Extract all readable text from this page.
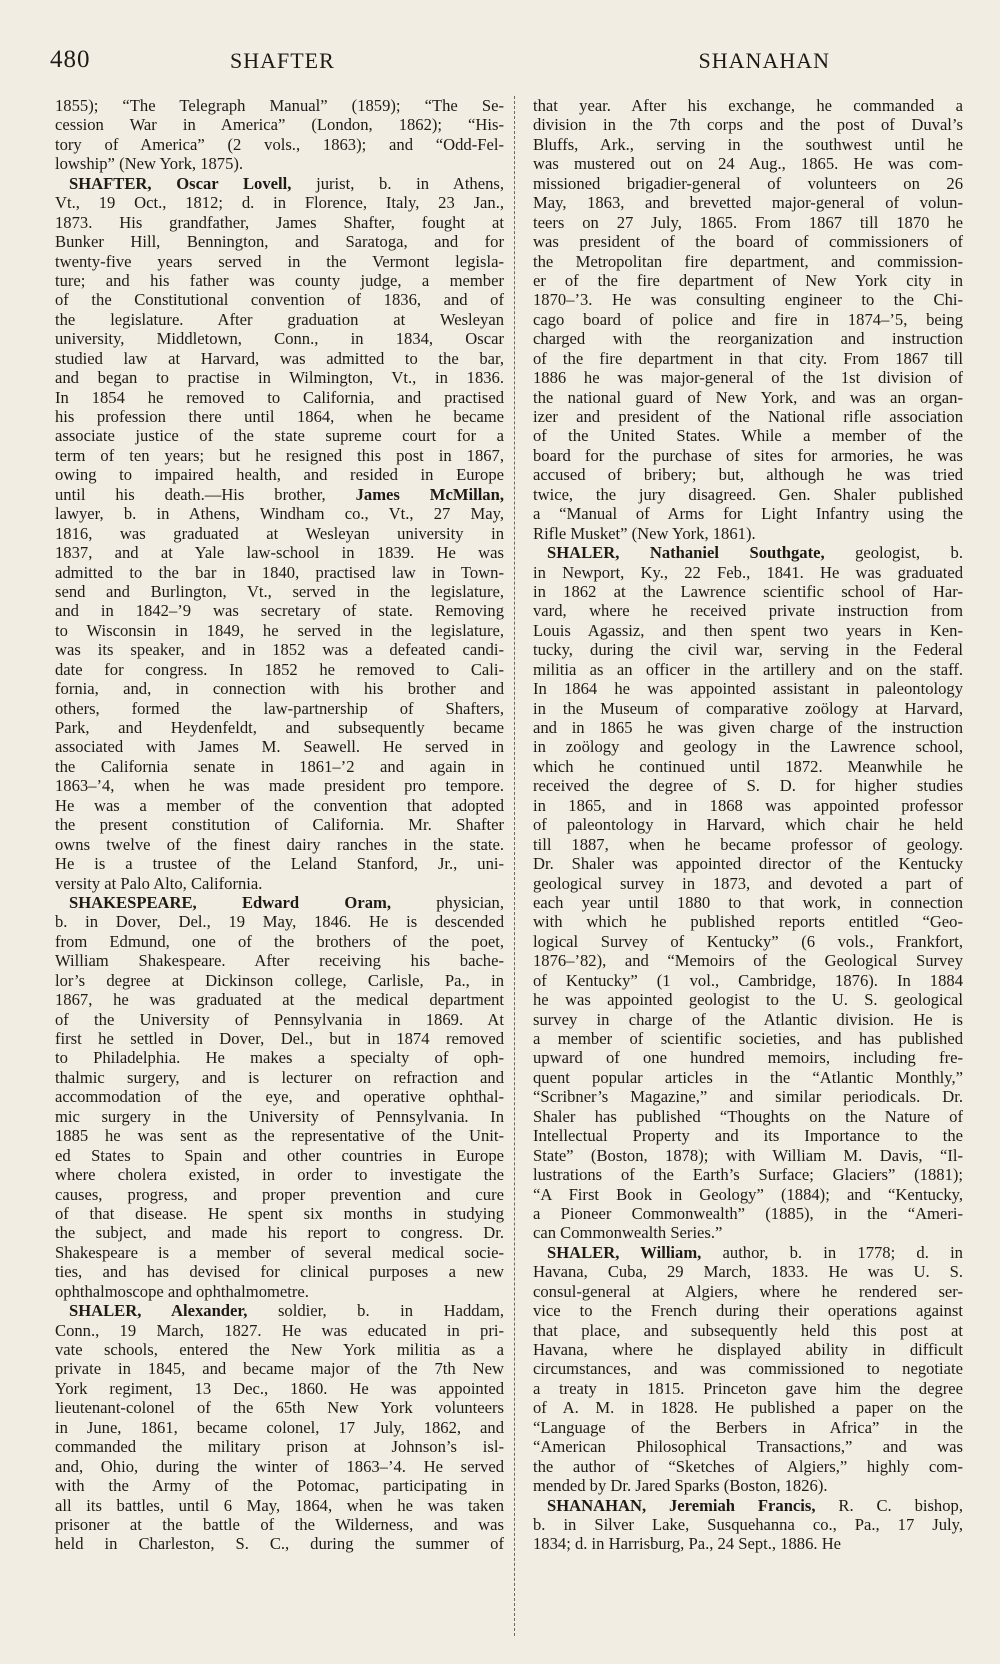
480	SHAFTER	SHANAHAN
1855); “The Telegraph Manual” (1859); “The Se-
cession War in America” (London, 1862); “His-
tory of America” (2 vols., 1863); and “Odd-Fel-
lowship” (New York, 1875).
SHAFTER, Oscar Lovell, jurist, b. in Athens,
Vt., 19 Oct., 1812; d. in Florence, Italy, 23 Jan.,
1873. His grandfather, James Shafter, fought at
Bunker Hill, Bennington, and Saratoga, and for
twenty-five years served in the Vermont legisla-
ture; and his father was county judge, a member
of the Constitutional convention of 1836, and of
the legislature. After graduation at Wesleyan
university, Middletown, Conn., in 1834, Oscar
studied law at Harvard, was admitted to the bar,
and began to practise in Wilmington, Vt., in 1836.
In 1854 he removed to California, and practised
his profession there until 1864, when he became
associate justice of the state supreme court for a
term of ten years; but he resigned this post in 1867,
owing to impaired health, and resided in Europe
until his death.—His brother, James McMillan,
lawyer, b. in Athens, Windham co., Vt., 27 May,
1816, was graduated at Wesleyan university in
1837, and at Yale law-school in 1839. He was
admitted to the bar in 1840, practised law in Town-
send and Burlington, Vt., served in the legislature,
and in 1842–’9 was secretary of state. Removing
to Wisconsin in 1849, he served in the legislature,
was its speaker, and in 1852 was a defeated candi-
date for congress. In 1852 he removed to Cali-
fornia, and, in connection with his brother and
others, formed the law-partnership of Shafters,
Park, and Heydenfeldt, and subsequently became
associated with James M. Seawell. He served in
the California senate in 1861–’2 and again in
1863–’4, when he was made president pro tempore.
He was a member of the convention that adopted
the present constitution of California. Mr. Shafter
owns twelve of the finest dairy ranches in the state.
He is a trustee of the Leland Stanford, Jr., uni-
versity at Palo Alto, California.
SHAKESPEARE, Edward Oram, physician,
b. in Dover, Del., 19 May, 1846. He is descended
from Edmund, one of the brothers of the poet,
William Shakespeare. After receiving his bache-
lor’s degree at Dickinson college, Carlisle, Pa., in
1867, he was graduated at the medical department
of the University of Pennsylvania in 1869. At
first he settled in Dover, Del., but in 1874 removed
to Philadelphia. He makes a specialty of oph-
thalmic surgery, and is lecturer on refraction and
accommodation of the eye, and operative ophthal-
mic surgery in the University of Pennsylvania. In
1885 he was sent as the representative of the Unit-
ed States to Spain and other countries in Europe
where cholera existed, in order to investigate the
causes, progress, and proper prevention and cure
of that disease. He spent six months in studying
the subject, and made his report to congress. Dr.
Shakespeare is a member of several medical socie-
ties, and has devised for clinical purposes a new
ophthalmoscope and ophthalmometre.
SHALER, Alexander, soldier, b. in Haddam,
Conn., 19 March, 1827. He was educated in pri-
vate schools, entered the New York militia as a
private in 1845, and became major of the 7th New
York regiment, 13 Dec., 1860. He was appointed
lieutenant-colonel of the 65th New York volunteers
in June, 1861, became colonel, 17 July, 1862, and
commanded the military prison at Johnson’s isl-
and, Ohio, during the winter of 1863–’4. He served
with the Army of the Potomac, participating in
all its battles, until 6 May, 1864, when he was taken
prisoner at the battle of the Wilderness, and was
held in Charleston, S. C., during the summer of
that year. After his exchange, he commanded a
division in the 7th corps and the post of Duval’s
Bluffs, Ark., serving in the southwest until he
was mustered out on 24 Aug., 1865. He was com-
missioned brigadier-general of volunteers on 26
May, 1863, and brevetted major-general of volun-
teers on 27 July, 1865. From 1867 till 1870 he
was president of the board of commissioners of
the Metropolitan fire department, and commission-
er of the fire department of New York city in
1870–’3. He was consulting engineer to the Chi-
cago board of police and fire in 1874–’5, being
charged with the reorganization and instruction
of the fire department in that city. From 1867 till
1886 he was major-general of the 1st division of
the national guard of New York, and was an organ-
izer and president of the National rifle association
of the United States. While a member of the
board for the purchase of sites for armories, he was
accused of bribery; but, although he was tried
twice, the jury disagreed. Gen. Shaler published
a “Manual of Arms for Light Infantry using the
Rifle Musket” (New York, 1861).
SHALER, Nathaniel Southgate, geologist, b.
in Newport, Ky., 22 Feb., 1841. He was graduated
in 1862 at the Lawrence scientific school of Har-
vard, where he received private instruction from
Louis Agassiz, and then spent two years in Ken-
tucky, during the civil war, serving in the Federal
militia as an officer in the artillery and on the staff.
In 1864 he was appointed assistant in paleontology
in the Museum of comparative zoölogy at Harvard,
and in 1865 he was given charge of the instruction
in zoölogy and geology in the Lawrence school,
which he continued until 1872. Meanwhile he
received the degree of S. D. for higher studies
in 1865, and in 1868 was appointed professor
of paleontology in Harvard, which chair he held
till 1887, when he became professor of geology.
Dr. Shaler was appointed director of the Kentucky
geological survey in 1873, and devoted a part of
each year until 1880 to that work, in connection
with which he published reports entitled “Geo-
logical Survey of Kentucky” (6 vols., Frankfort,
1876–’82), and “Memoirs of the Geological Survey
of Kentucky” (1 vol., Cambridge, 1876). In 1884
he was appointed geologist to the U. S. geological
survey in charge of the Atlantic division. He is
a member of scientific societies, and has published
upward of one hundred memoirs, including fre-
quent popular articles in the “Atlantic Monthly,”
“Scribner’s Magazine,” and similar periodicals. Dr.
Shaler has published “Thoughts on the Nature of
Intellectual Property and its Importance to the
State” (Boston, 1878); with William M. Davis, “Il-
lustrations of the Earth’s Surface; Glaciers” (1881);
“A First Book in Geology” (1884); and “Kentucky,
a Pioneer Commonwealth” (1885), in the “Ameri-
can Commonwealth Series.”
SHALER, William, author, b. in 1778; d. in
Havana, Cuba, 29 March, 1833. He was U. S.
consul-general at Algiers, where he rendered ser-
vice to the French during their operations against
that place, and subsequently held this post at
Havana, where he displayed ability in difficult
circumstances, and was commissioned to negotiate
a treaty in 1815. Princeton gave him the degree
of A. M. in 1828. He published a paper on the
“Language of the Berbers in Africa” in the
“American Philosophical Transactions,” and was
the author of “Sketches of Algiers,” highly com-
mended by Dr. Jared Sparks (Boston, 1826).
SHANAHAN, Jeremiah Francis, R. C. bishop,
b. in Silver Lake, Susquehanna co., Pa., 17 July,
1834; d. in Harrisburg, Pa., 24 Sept., 1886. He
